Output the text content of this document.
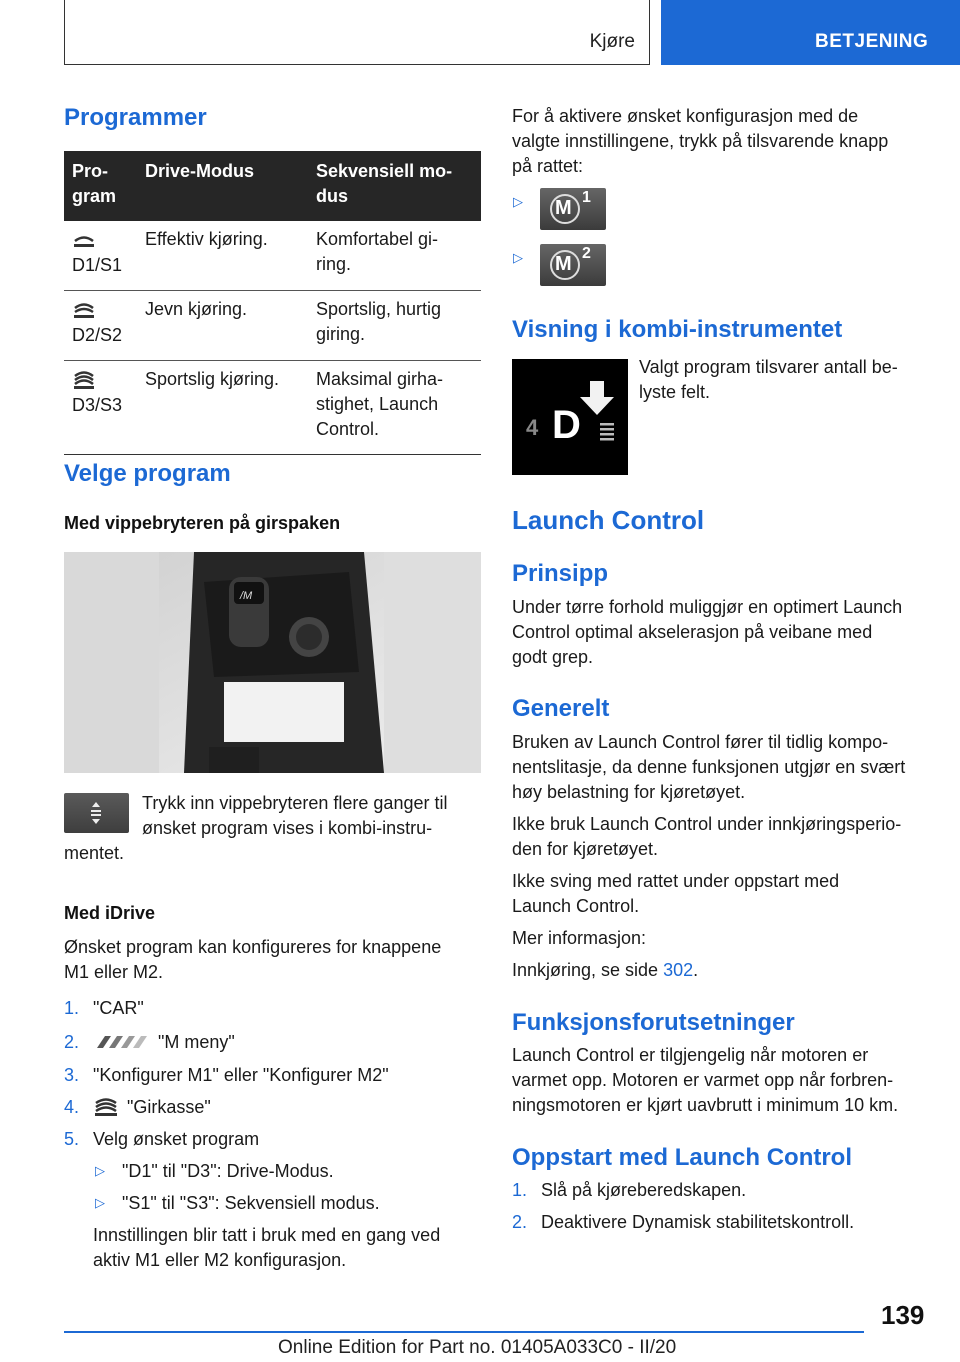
Kjøre	BETJENING
Programmer
Pro-
gram	Drive-Modus	Sekvensiell mo-
dus

D1/S1	Effektiv kjøring.	Komfortabel gi-
ring.

D2/S2	Jevn kjøring.	Sportslig, hurtig
giring.

D3/S3	Sportslig kjøring.	Maksimal girha-
stighet, Launch
Control.
Velge program
Med vippebryteren på girspaken
/M
Trykk inn vippebryteren flere ganger til
ønsket program vises i kombi-instru-
mentet.
Med iDrive
Ønsket program kan konfigureres for knappene
M1 eller M2.
1. "CAR"
2.	"M meny"
3. "Konfigurer M1" eller "Konfigurer M2"
4.	"Girkasse"
5. Velg ønsket program
▷ "D1" til "D3": Drive-Modus.
▷ "S1" til "S3": Sekvensiell modus.
Innstillingen blir tatt i bruk med en gang ved
aktiv M1 eller M2 konfigurasjon.
For å aktivere ønsket konfigurasjon med de
valgte innstillingene, trykk på tilsvarende knapp
på rattet:
▷ M 1
▷ M 2
Visning i kombi-instrumentet
4 D
Valgt program tilsvarer antall be-
lyste felt.
Launch Control
Prinsipp
Under tørre forhold muliggjør en optimert Launch
Control optimal akselerasjon på veibane med
godt grep.
Generelt
Bruken av Launch Control fører til tidlig kompo-
nentslitasje, da denne funksjonen utgjør en svært
høy belastning for kjøretøyet.
Ikke bruk Launch Control under innkjøringsperio-
den for kjøretøyet.
Ikke sving med rattet under oppstart med
Launch Control.
Mer informasjon:
Innkjøring, se side 302.
Funksjonsforutsetninger
Launch Control er tilgjengelig når motoren er
varmet opp. Motoren er varmet opp når forbren-
ningsmotoren er kjørt uavbrutt i minimum 10 km.
Oppstart med Launch Control
1. Slå på kjøreberedskapen.
2. Deaktivere Dynamisk stabilitetskontroll.
139
Online Edition for Part no. 01405A033C0 - II/20
